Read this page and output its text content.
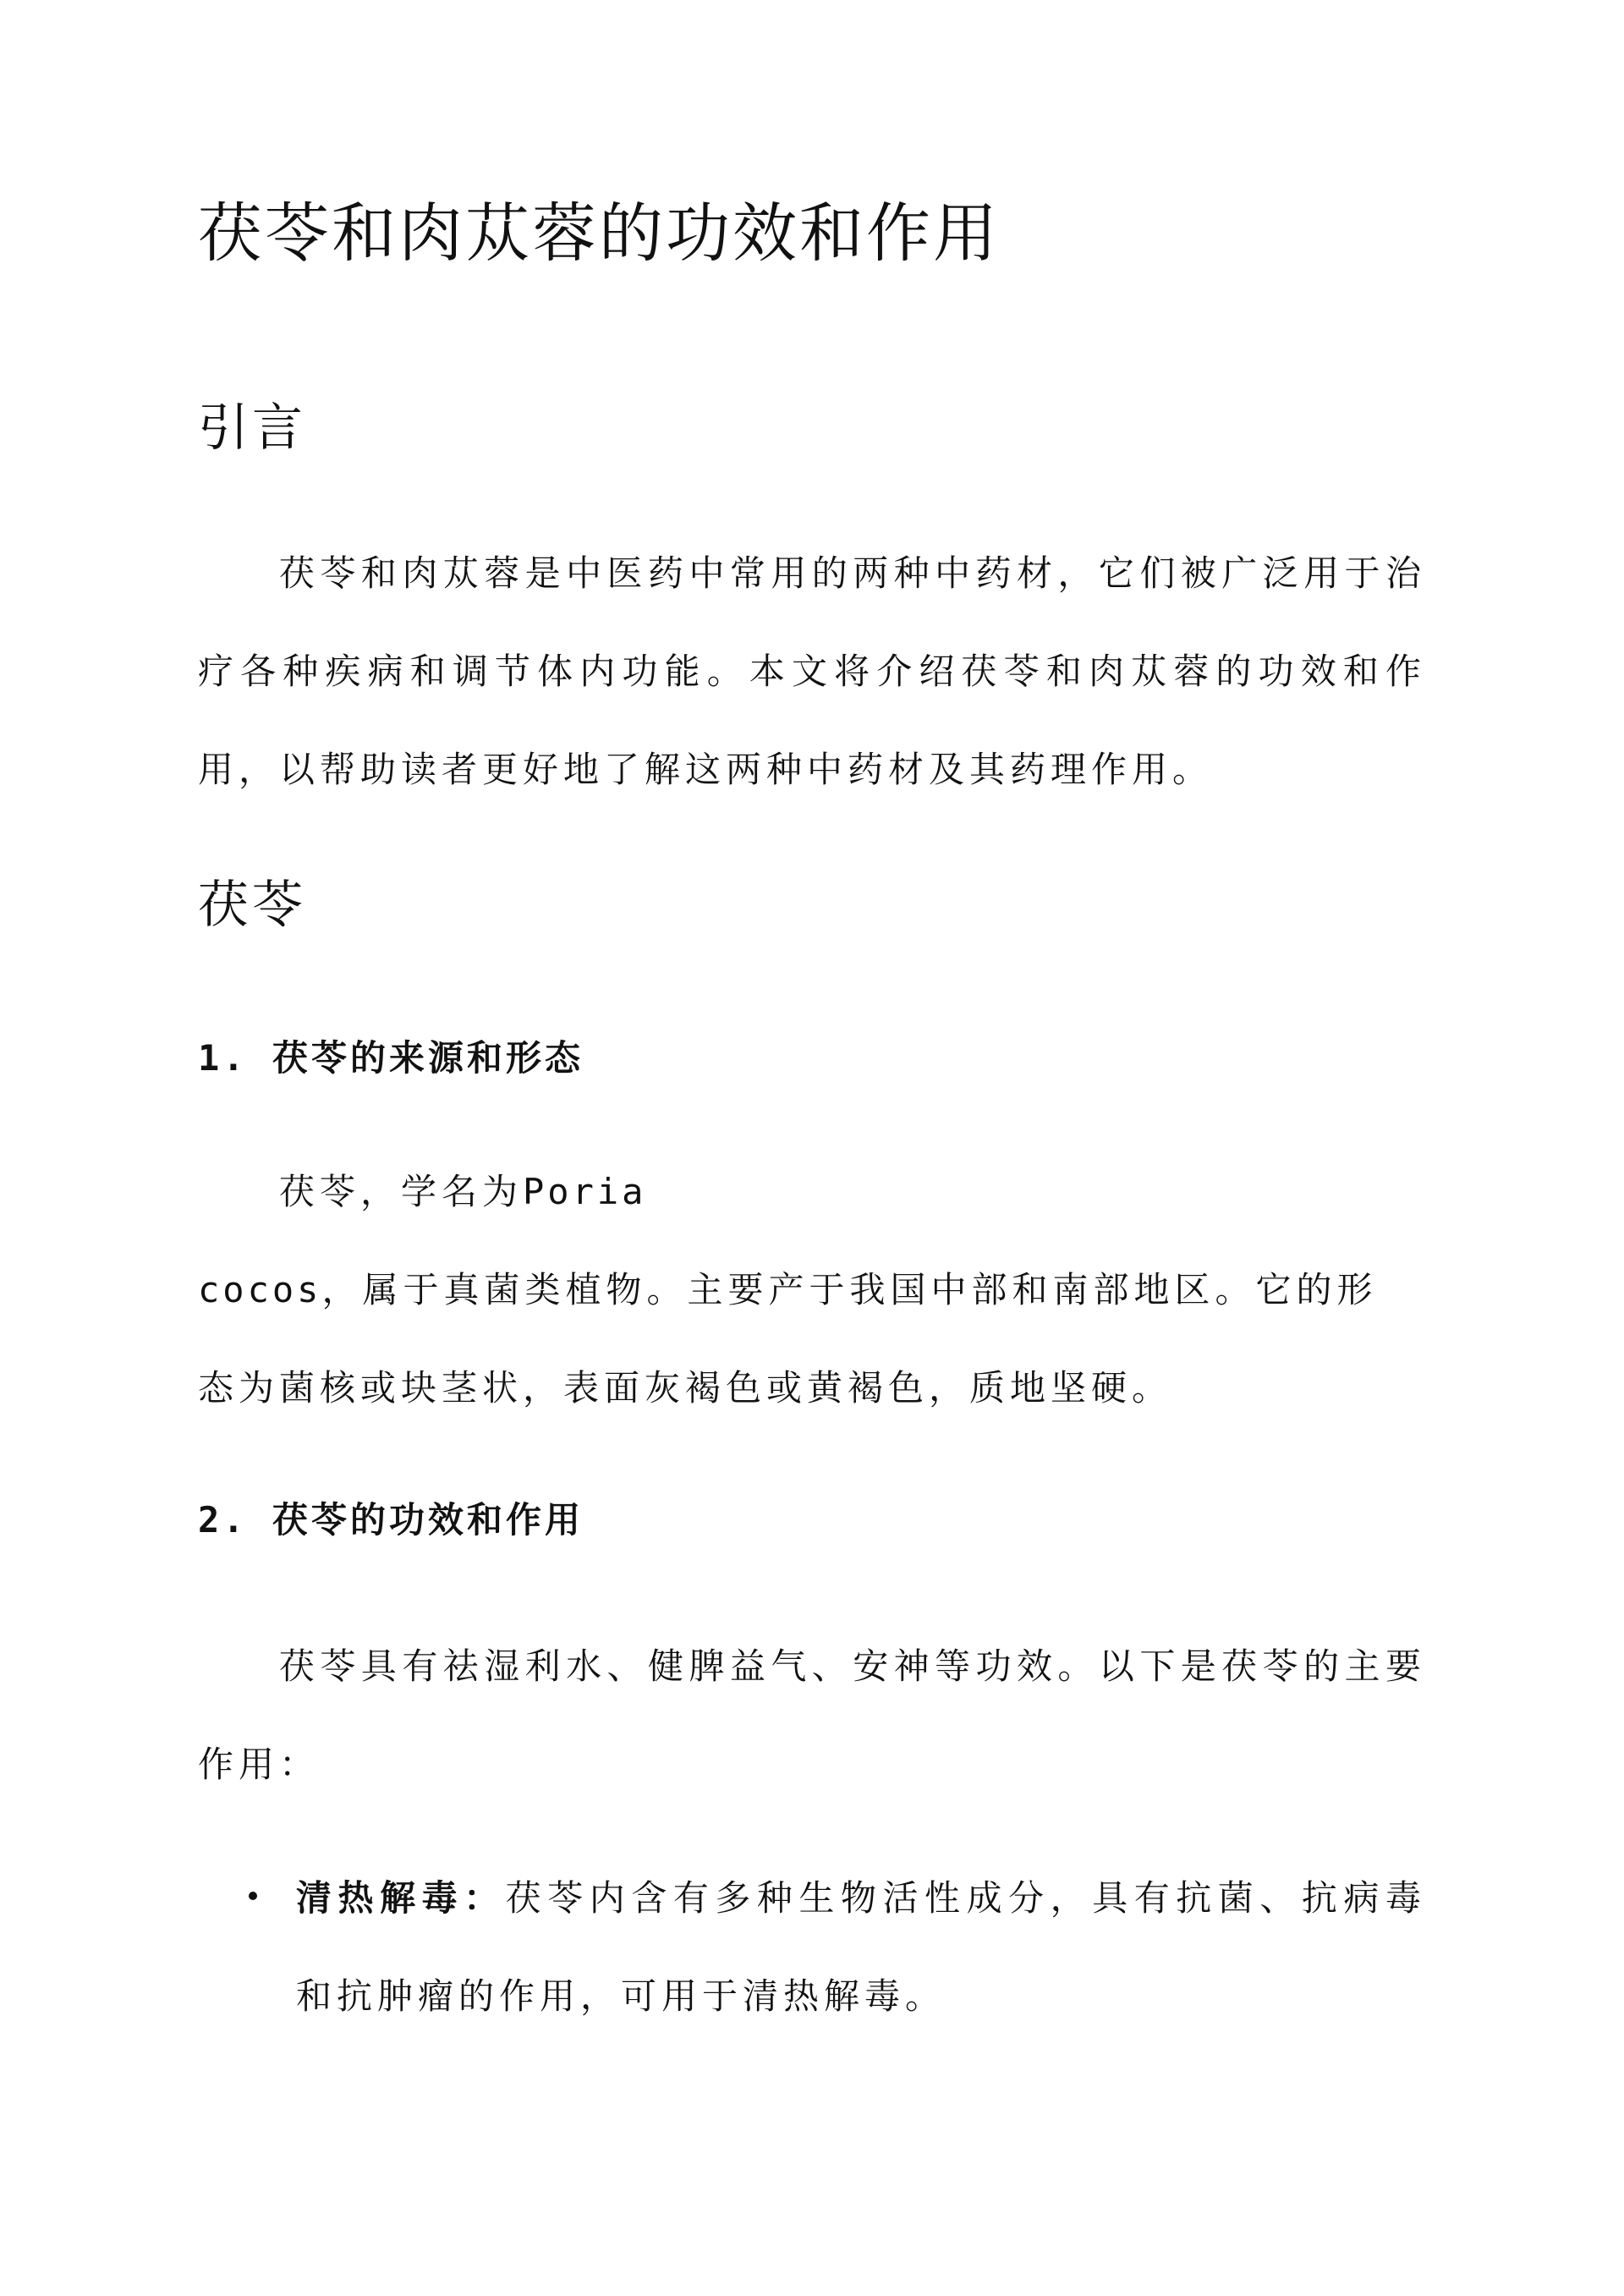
茯苓和肉苁蓉的功效和作用
引言

茯苓和肉苁蓉是中医药中常用的两种中药材，它们被广泛用于治疗各种疾病和调节体内功能。本文将介绍茯苓和肉苁蓉的功效和作用，以帮助读者更好地了解这两种中药材及其药理作用。

茯苓
1. 茯苓的来源和形态
茯苓，学名为Poria
cocos，属于真菌类植物。主要产于我国中部和南部地区。它的形
态为菌核或块茎状，表面灰褐色或黄褐色，质地坚硬。
2. 茯苓的功效和作用

茯苓具有祛湿利水、健脾益气、安神等功效。以下是茯苓的主要作用：

清热解毒：茯苓内含有多种生物活性成分，具有抗菌、抗病毒和抗肿瘤的作用，可用于清热解毒。
